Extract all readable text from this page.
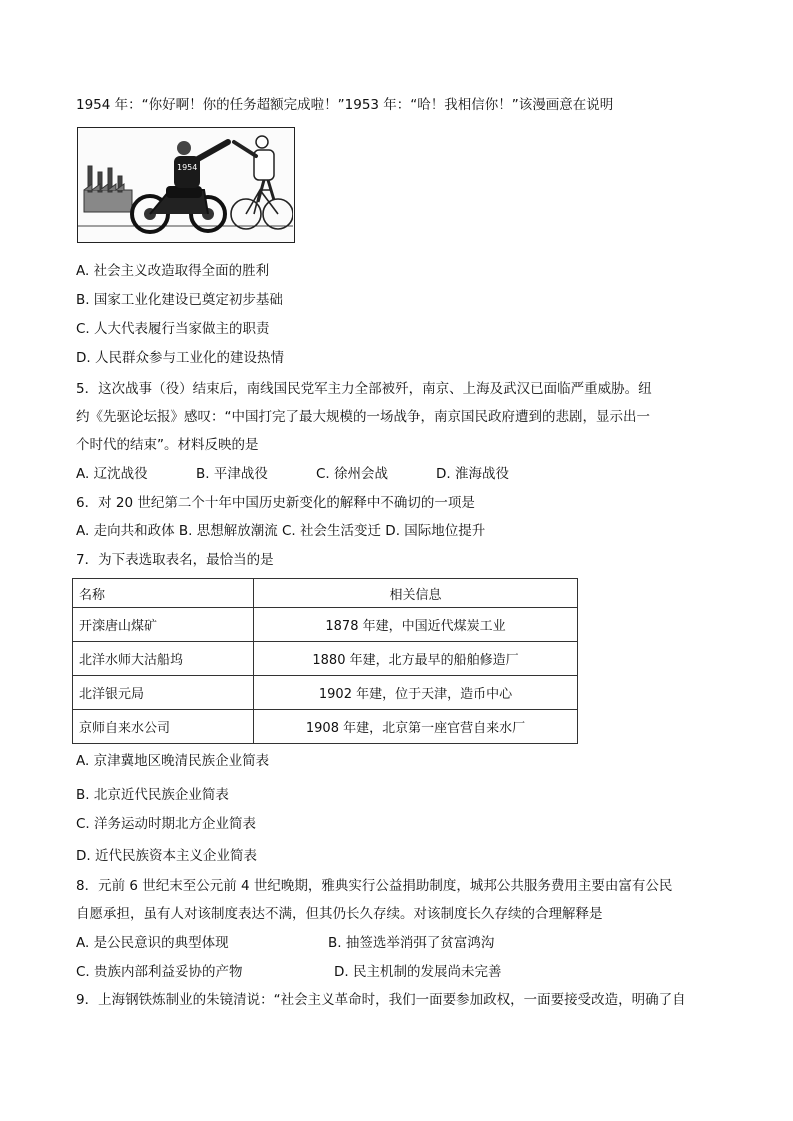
1954 年：“你好啊！你的任务超额完成啦！”1953 年：“哈！我相信你！”该漫画意在说明
1954
A. 社会主义改造取得全面的胜利
B. 国家工业化建设已奠定初步基础
C. 人大代表履行当家做主的职责
D. 人民群众参与工业化的建设热情
5．这次战事（役）结束后，南线国民党军主力全部被歼，南京、上海及武汉已面临严重威胁。纽
约《先驱论坛报》感叹：“中国打完了最大规模的一场战争，南京国民政府遭到的悲剧，显示出一
个时代的结束”。材料反映的是
A. 辽沈战役	B. 平津战役	C. 徐州会战	D. 淮海战役
6．对 20 世纪第二个十年中国历史新变化的解释中不确切的一项是
A. 走向共和政体 B. 思想解放潮流 C. 社会生活变迁 D. 国际地位提升
7．为下表选取表名，最恰当的是
名称	相关信息
开滦唐山煤矿	1878 年建，中国近代煤炭工业
北洋水师大沽船坞	1880 年建，北方最早的船舶修造厂
北洋银元局	1902 年建，位于天津，造币中心
京师自来水公司	1908 年建，北京第一座官营自来水厂
A. 京津冀地区晚清民族企业简表
B. 北京近代民族企业简表
C. 洋务运动时期北方企业简表
D. 近代民族资本主义企业简表
8．元前 6 世纪末至公元前 4 世纪晚期，雅典实行公益捐助制度，城邦公共服务费用主要由富有公民
自愿承担，虽有人对该制度表达不满，但其仍长久存续。对该制度长久存续的合理解释是
A. 是公民意识的典型体现	B. 抽签选举消弭了贫富鸿沟
C. 贵族内部利益妥协的产物	D. 民主机制的发展尚未完善
9．上海钢铁炼制业的朱镜清说：“社会主义革命时，我们一面要参加政权，一面要接受改造，明确了自
